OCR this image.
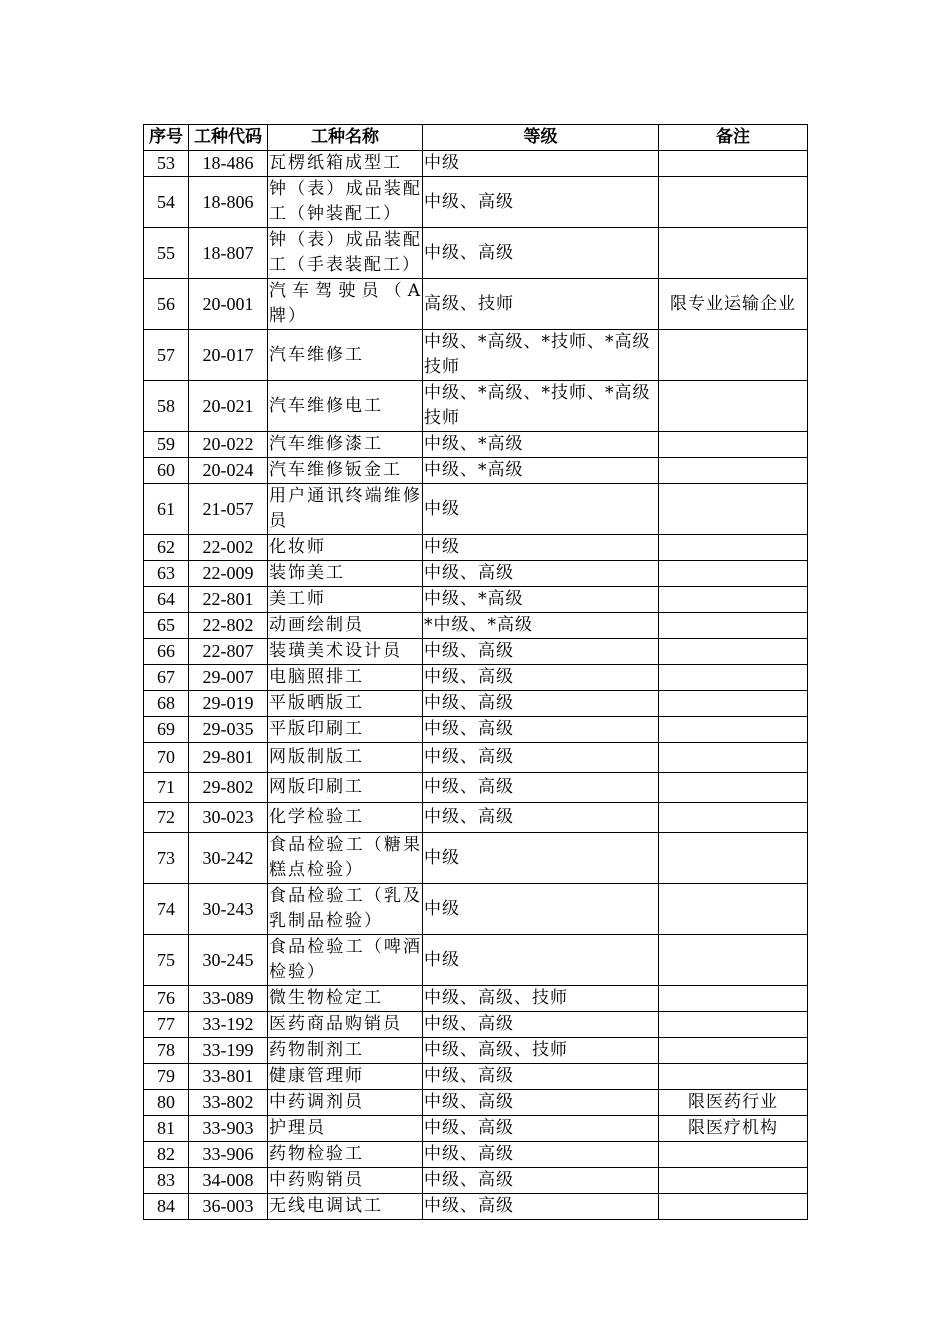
序号	工种代码	工种名称	等级	备注
53	18-486	瓦楞纸箱成型工	中级	
54	18-806	钟（表）成品装配工（钟装配工）	中级、高级	
55	18-807	钟（表）成品装配工（手表装配工）	中级、高级	
56	20-001	汽车驾驶员（A牌）	高级、技师	限专业运输企业
57	20-017	汽车维修工	中级、*高级、*技师、*高级技师	
58	20-021	汽车维修电工	中级、*高级、*技师、*高级技师	
59	20-022	汽车维修漆工	中级、*高级	
60	20-024	汽车维修钣金工	中级、*高级	
61	21-057	用户通讯终端维修员	中级	
62	22-002	化妆师	中级	
63	22-009	装饰美工	中级、高级	
64	22-801	美工师	中级、*高级	
65	22-802	动画绘制员	*中级、*高级	
66	22-807	装璜美术设计员	中级、高级	
67	29-007	电脑照排工	中级、高级	
68	29-019	平版晒版工	中级、高级	
69	29-035	平版印刷工	中级、高级	
70	29-801	网版制版工	中级、高级	
71	29-802	网版印刷工	中级、高级	
72	30-023	化学检验工	中级、高级	
73	30-242	食品检验工（糖果糕点检验）	中级	
74	30-243	食品检验工（乳及乳制品检验）	中级	
75	30-245	食品检验工（啤酒检验）	中级	
76	33-089	微生物检定工	中级、高级、技师	
77	33-192	医药商品购销员	中级、高级	
78	33-199	药物制剂工	中级、高级、技师	
79	33-801	健康管理师	中级、高级	
80	33-802	中药调剂员	中级、高级	限医药行业
81	33-903	护理员	中级、高级	限医疗机构
82	33-906	药物检验工	中级、高级	
83	34-008	中药购销员	中级、高级	
84	36-003	无线电调试工	中级、高级	
